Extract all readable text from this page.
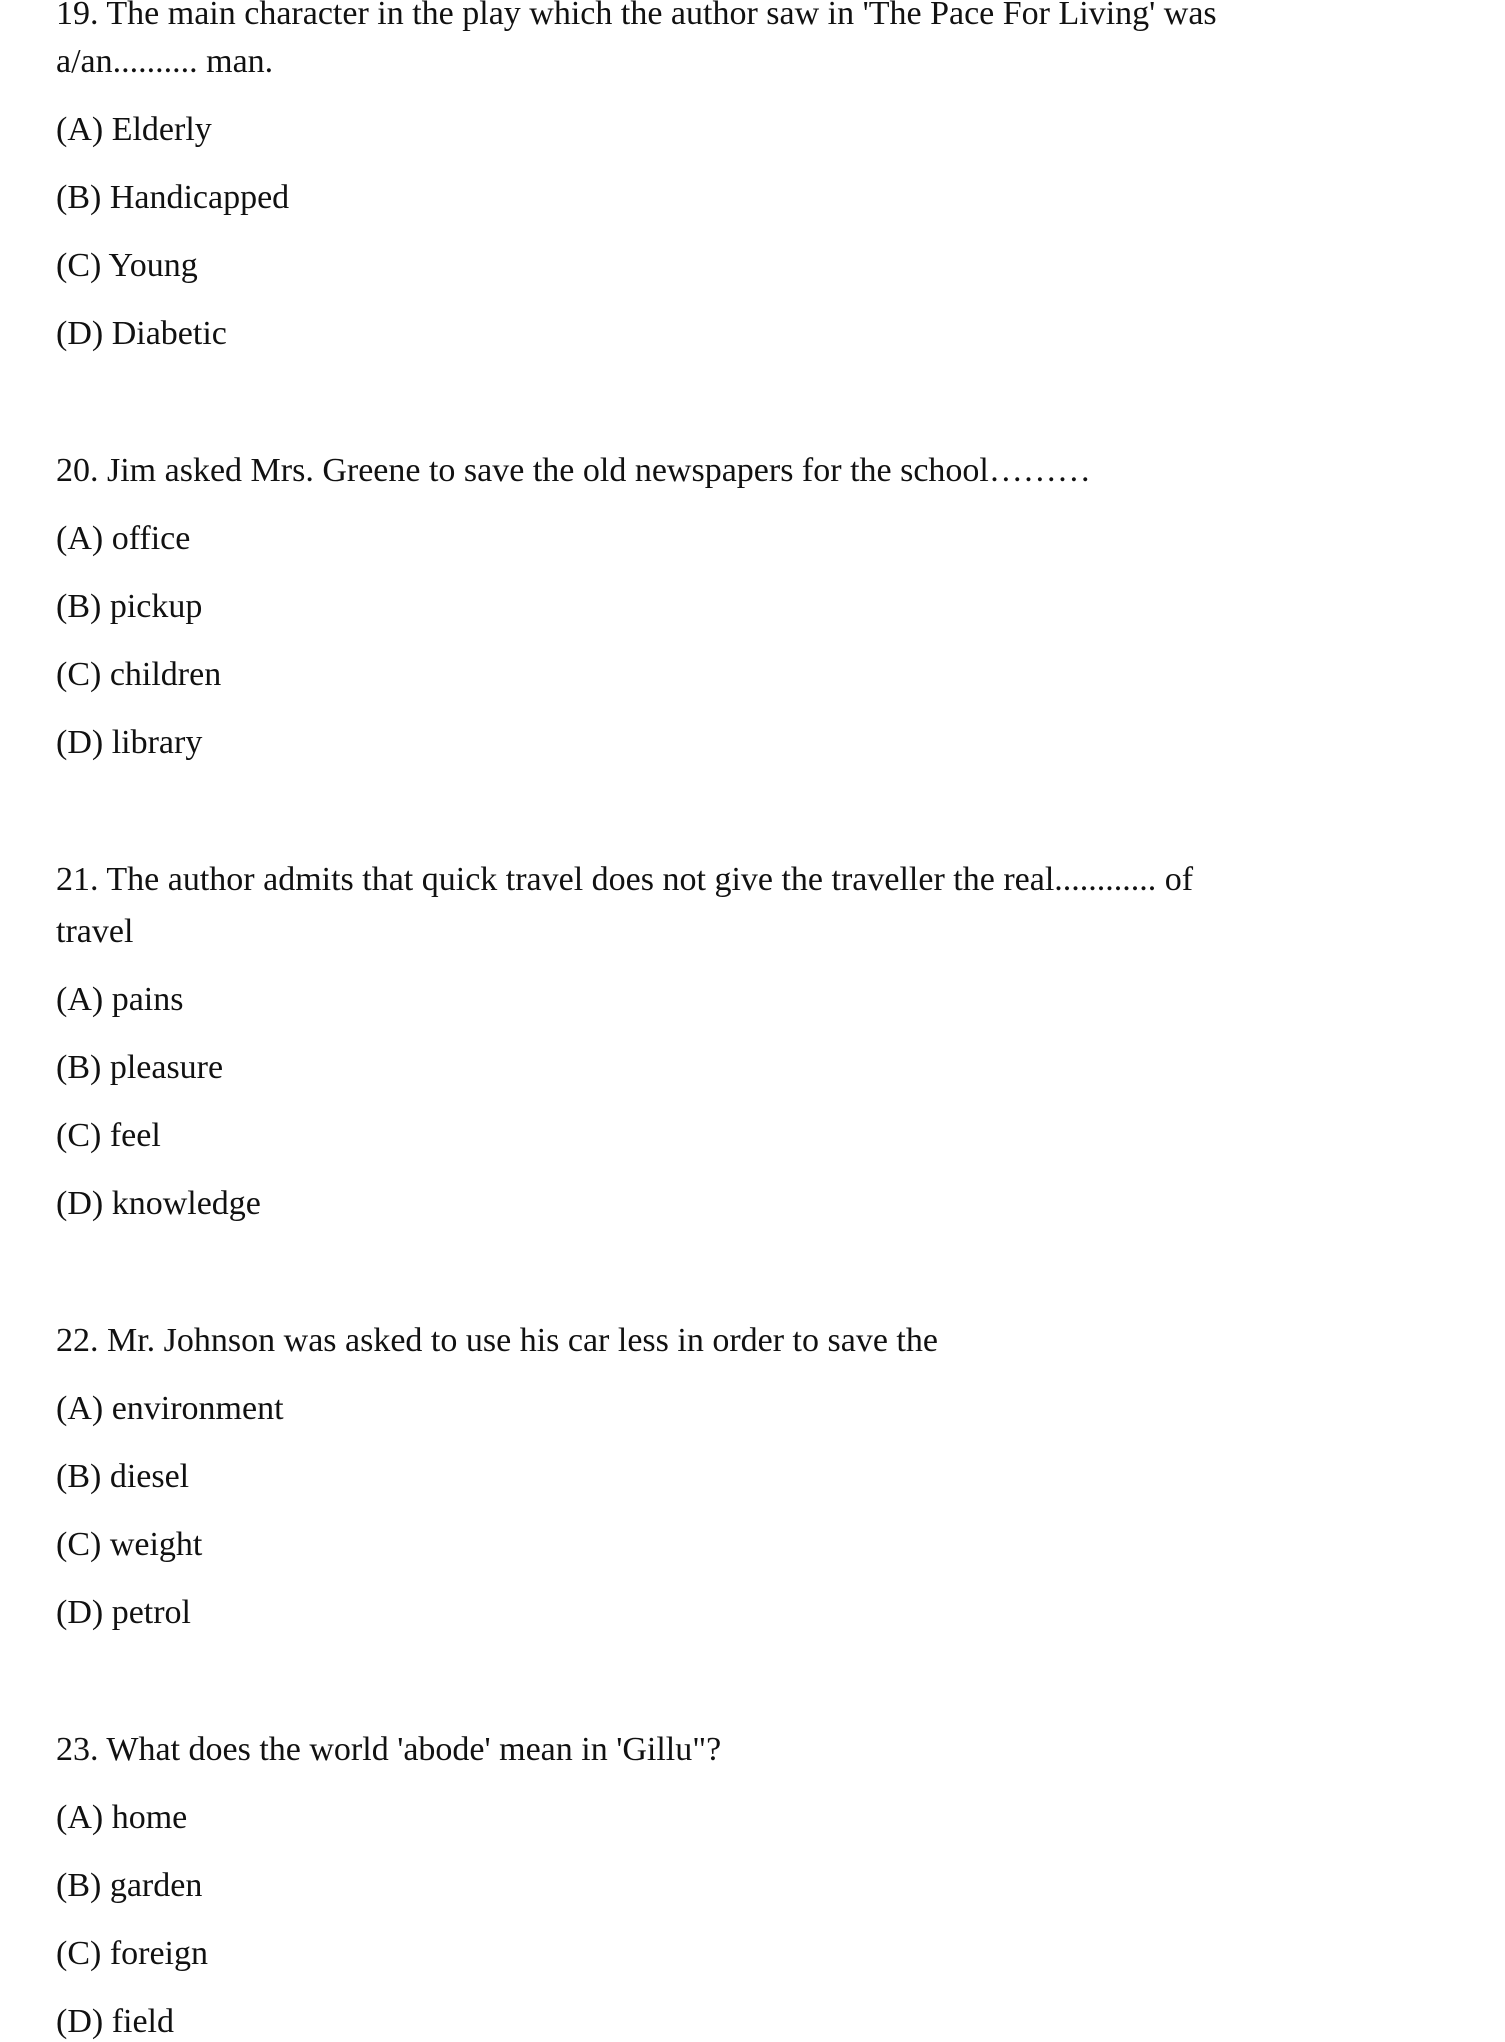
19. The main character in the play which the author saw in 'The Pace For Living' was
a/an.......... man.
(A) Elderly
(B) Handicapped
(C) Young
(D) Diabetic
20. Jim asked Mrs. Greene to save the old newspapers for the school………
(A) office
(B) pickup
(C) children
(D) library
21. The author admits that quick travel does not give the traveller the real............ of
travel
(A) pains
(B) pleasure
(C) feel
(D) knowledge
22. Mr. Johnson was asked to use his car less in order to save the
(A) environment
(B) diesel
(C) weight
(D) petrol
23. What does the world 'abode' mean in 'Gillu"?
(A) home
(B) garden
(C) foreign
(D) field
